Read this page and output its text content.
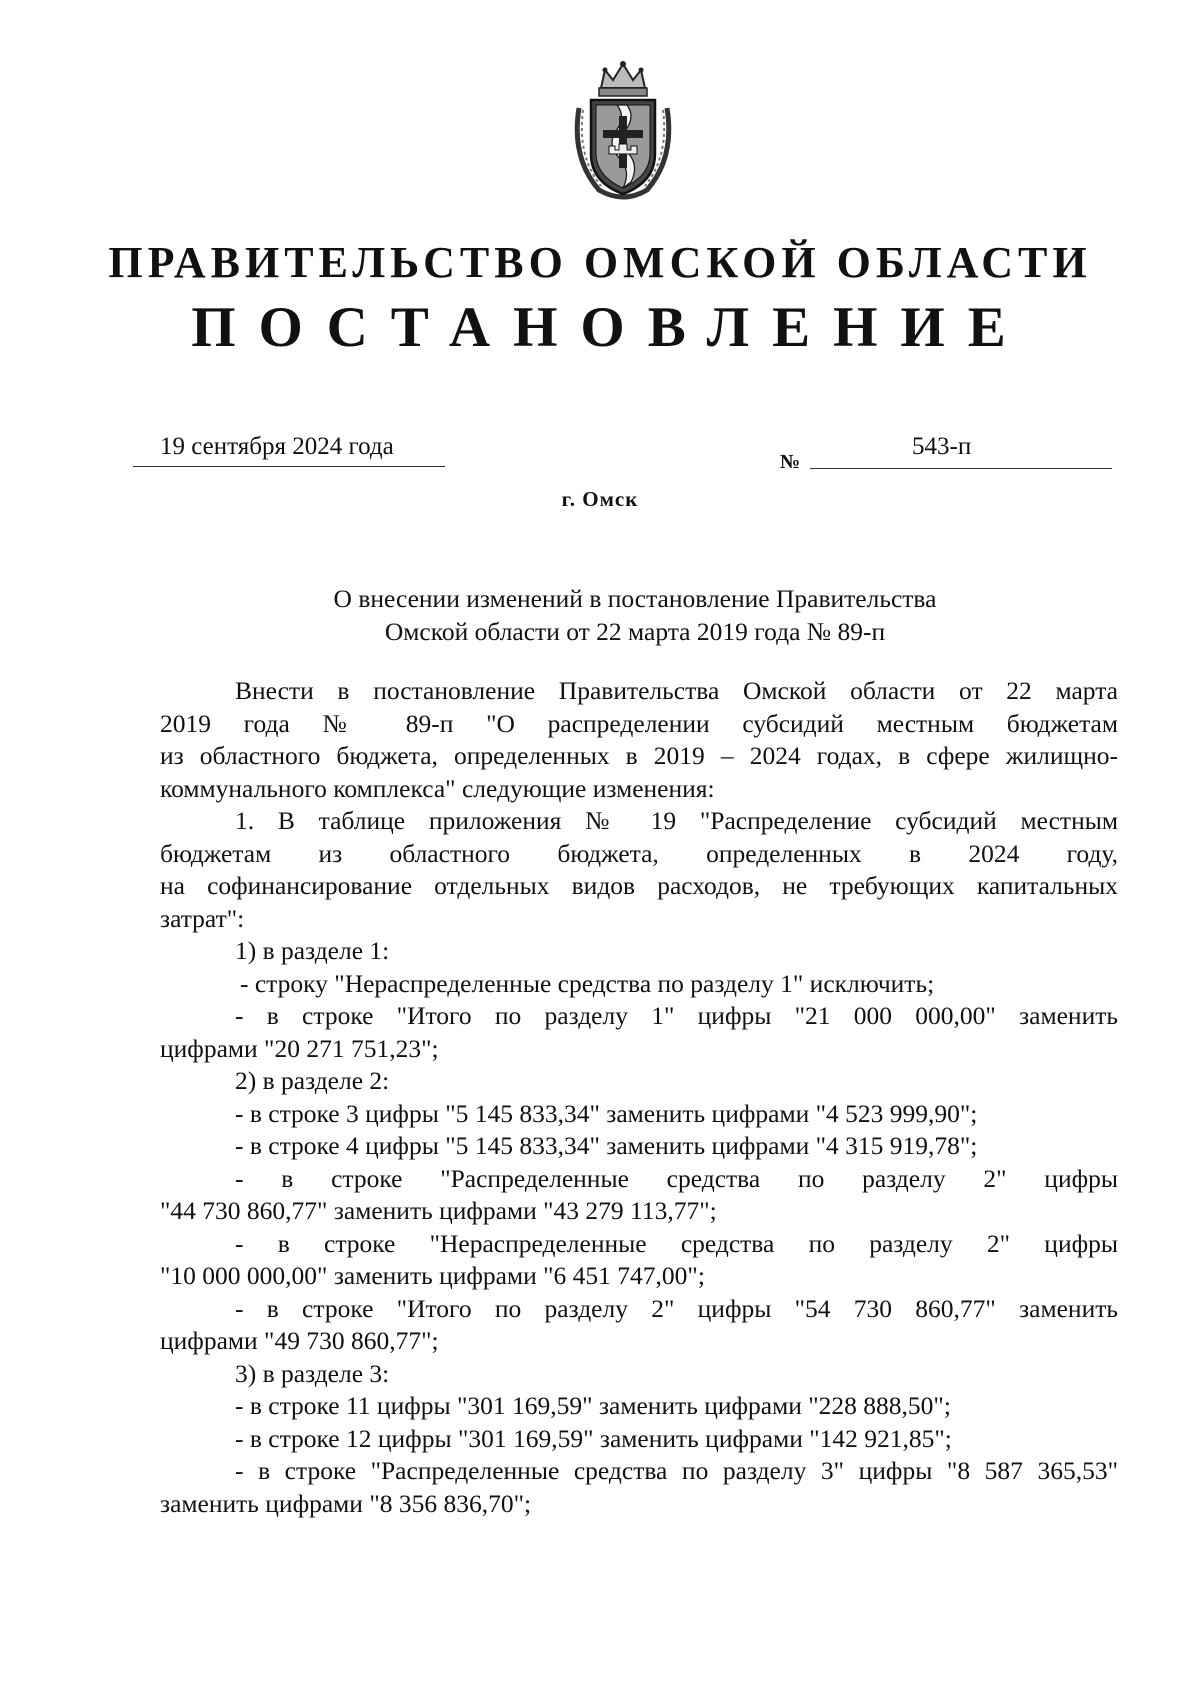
ПРАВИТЕЛЬСТВО ОМСКОЙ ОБЛАСТИ
ПОСТАНОВЛЕНИЕ
19 сентября 2024 года
№
543-п
г. Омск
О внесении изменений в постановление Правительства
Омской области от 22 марта 2019 года № 89-п
Внести в постановление Правительства Омской области от 22 марта
2019 года № 89-п "О распределении субсидий местным бюджетам
из областного бюджета, определенных в 2019 – 2024 годах, в сфере жилищно-
коммунального комплекса" следующие изменения:
1. В таблице приложения № 19 "Распределение субсидий местным
бюджетам из областного бюджета, определенных в 2024 году,
на софинансирование отдельных видов расходов, не требующих капитальных
затрат":
1) в разделе 1:
- строку "Нераспределенные средства по разделу 1" исключить;
- в строке "Итого по разделу 1" цифры "21 000 000,00" заменить
цифрами "20 271 751,23";
2) в разделе 2:
- в строке 3 цифры "5 145 833,34" заменить цифрами "4 523 999,90";
- в строке 4 цифры "5 145 833,34" заменить цифрами "4 315 919,78";
- в строке "Распределенные средства по разделу 2" цифры
"44 730 860,77" заменить цифрами "43 279 113,77";
- в строке "Нераспределенные средства по разделу 2" цифры
"10 000 000,00" заменить цифрами "6 451 747,00";
- в строке "Итого по разделу 2" цифры "54 730 860,77" заменить
цифрами "49 730 860,77";
3) в разделе 3:
- в строке 11 цифры "301 169,59" заменить цифрами "228 888,50";
- в строке 12 цифры "301 169,59" заменить цифрами "142 921,85";
- в строке "Распределенные средства по разделу 3" цифры "8 587 365,53"
заменить цифрами "8 356 836,70";
